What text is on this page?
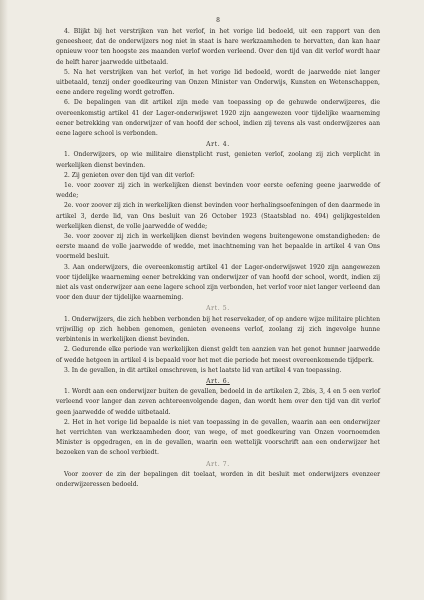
8

4. Blijkt bij het verstrijken van het verlof, in het vorige lid bedoeld, uit een rapport van den geneesheer, dat de onderwijzers nog niet in staat is hare werkzaamheden te hervatten, dan kan haar opnieuw voor ten hoogste zes maanden verlof worden verleend. Over den tijd van dit verlof wordt haar de helft harer jaarwedde uitbetaald.

5. Na het verstrijken van het verlof, in het vorige lid bedoeld, wordt de jaarwedde niet langer uitbetaald, tenzij onder goedkeuring van Onzen Minister van Onderwijs, Kunsten en Wetenschappen, eene andere regeling wordt getroffen.

6. De bepalingen van dit artikel zijn mede van toepassing op de gehuwde onderwijzeres, die overeenkomstig artikel 41 der Lager-onderwijswet 1920 zijn aangewezen voor tijdelijke waarneming eener betrekking van onderwijzer of van hoofd der school, indien zij tevens als vast onderwijzeres aan eene lagere school is verbonden.

Art. 4.

1. Onderwijzers, op wie militaire dienstplicht rust, genieten verlof, zoolang zij zich verplicht in werkelijken dienst bevinden.

2. Zij genieten over den tijd van dit verlof:

1e. voor zoover zij zich in werkelijken dienst bevinden voor eerste oefening geene jaarwedde of wedde;

2e. voor zoover zij zich in werkelijken dienst bevinden voor herhalingsoefeningen of den daarmede in artikel 3, derde lid, van Ons besluit van 26 October 1923 (Staatsblad no. 494) gelijkgestelden werkelijken dienst, de volle jaarwedde of wedde;

3e. voor zoover zij zich in werkelijken dienst bevinden wegens buitengewone omstandigheden: de eerste maand de volle jaarwedde of wedde, met inachtneming van het bepaalde in artikel 4 van Ons voormeld besluit.

3. Aan onderwijzers, die overeenkomstig artikel 41 der Lager-onderwijswet 1920 zijn aangewezen voor tijdelijke waarneming eener betrekking van onderwijzer of van hoofd der school, wordt, indien zij niet als vast onderwijzer aan eene lagere school zijn verbonden, het verlof voor niet langer verleend dan voor den duur der tijdelijke waarneming.

Art. 5.

1. Onderwijzers, die zich hebben verbonden bij het reservekader, of op andere wijze militaire plichten vrijwillig op zich hebben genomen, genieten eveneens verlof, zoolang zij zich ingevolge hunne verbintenis in werkelijken dienst bevinden.

2. Gedurende elke periode van werkelijken dienst geldt ten aanzien van het genot hunner jaarwedde of wedde hetgeen in artikel 4 is bepaald voor het met die periode het meest overeenkomende tijdperk.

3. In de gevallen, in dit artikel omschreven, is het laatste lid van artikel 4 van toepassing.

Art. 6.

1. Wordt aan een onderwijzer buiten de gevallen, bedoeld in de artikelen 2, 2bis, 3, 4 en 5 een verlof verleend voor langer dan zeven achtereenvolgende dagen, dan wordt hem over den tijd van dit verlof geen jaarwedde of wedde uitbetaald.

2. Het in het vorige lid bepaalde is niet van toepassing in de gevallen, waarin aan een onderwijzer het verrichten van werkzaamheden door, van wege, of met goedkeuring van Onzen voornoemden Minister is opgedragen, en in de gevallen, waarin een wettelijk voorschrift aan een onderwijzer het bezoeken van de school verbiedt.

Art. 7.

Voor zoover de zin der bepalingen dit toelaat, worden in dit besluit met onderwijzers evenzeer onderwijzeressen bedoeld.
